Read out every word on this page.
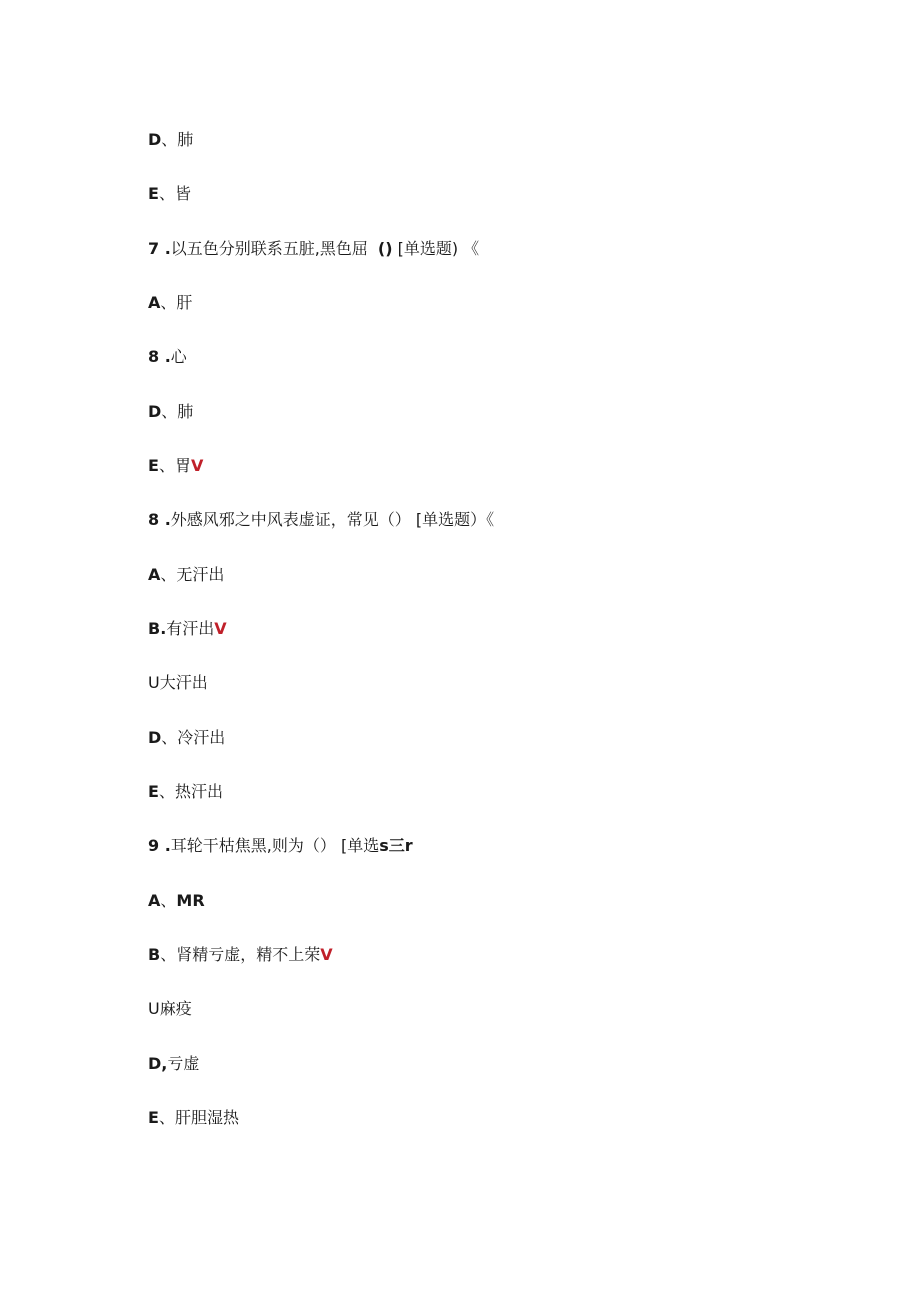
D、肺
E、皆
7 .以五色分别联系五脏,黑色屈 () [单选题) 《
A、肝
8 .心
D、肺
E、胃V
8 .外感风邪之中风表虚证，常见（） [单选题）《
A、无汗出
B.有汗出V
U大汗出
D、冷汗出
E、热汗出
9 .耳轮干枯焦黑,则为（） [单选s三r
A、MR
B、肾精亏虚，精不上荣V
U麻疫
D,亏虚
E、肝胆湿热
